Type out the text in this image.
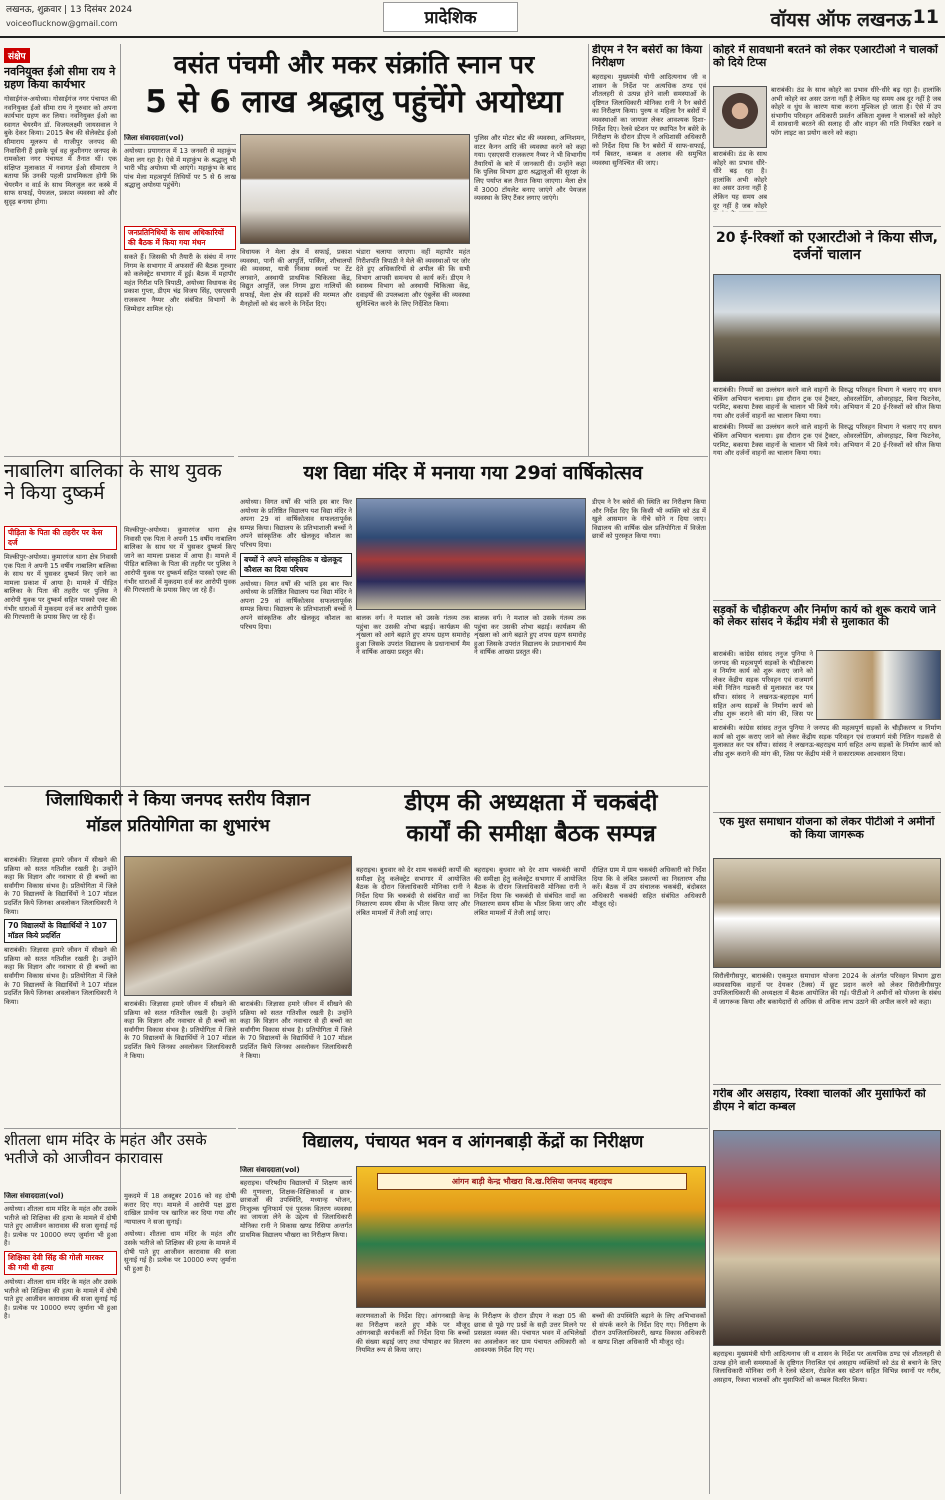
लखनऊ, शुक्रवार | 13 दिसंबर 2024
voiceoflucknow@gmail.com	प्रादेशिक	वॉयस ऑफ लखनऊ 11
संक्षेप
नवनियुक्त ईओ सीमा राय ने ग्रहण किया कार्यभार
गोसाईगंज-अयोध्या। गोसाईगंज नगर पंचायत की नवनियुक्त ईओ सीमा राय ने गुरुवार को अपना कार्यभार ग्रहण कर लिया। नवनियुक्त ईओ का स्वागत चेयरमैन डॉ. विजयलक्ष्मी जायसवाल ने बुके देकर किया। 2015 बैच की सेलेक्टेड ईओ सीमाराय मूलरूप से गाजीपुर जनपद की निवासिनी हैं इसके पूर्व वह कुशीनगर जनपद के रामकोला नगर पंचायत में तैनात थीं। एक संक्षिप्त मुलाकात में नवागत ईओ सीमाराय ने बताया कि उनकी पहली प्राथमिकता होगी कि चेयरमैन व वार्ड के साथ मिलजुल कर कस्बे में साफ सफाई, पेयजल, प्रकाश व्यवस्था को और सुदृढ़ बनाया होगा।
नाबालिग बालिका के साथ युवक ने किया दुष्कर्म
पीड़िता के पिता की तहरीर पर केस दर्ज
मिल्कीपुर-अयोध्या। कुमारगंज थाना क्षेत्र निवासी एक पिता ने अपनी 15 वर्षीय नाबालिग बालिका के साथ घर में घुसकर दुष्कर्म किए जाने का मामला प्रकाश में आया है। मामले में पीड़ित बालिका के पिता की तहरीर पर पुलिस ने आरोपी युवक पर दुष्कर्म सहित पास्को एक्ट की गंभीर धाराओं में मुकदमा दर्ज कर आरोपी युवक की गिरफ्तारी के प्रयास किए जा रहे हैं।
मिल्कीपुर-अयोध्या। कुमारगंज थाना क्षेत्र निवासी एक पिता ने अपनी 15 वर्षीय नाबालिग बालिका के साथ घर में घुसकर दुष्कर्म किए जाने का मामला प्रकाश में आया है। मामले में पीड़ित बालिका के पिता की तहरीर पर पुलिस ने आरोपी युवक पर दुष्कर्म सहित पास्को एक्ट की गंभीर धाराओं में मुकदमा दर्ज कर आरोपी युवक की गिरफ्तारी के प्रयास किए जा रहे हैं।
शीतला धाम मंदिर के महंत और उसके भतीजे को आजीवन कारावास
जिला संवाददाता(vol)
अयोध्या। शीतला धाम मंदिर के महंत और उसके भतीजे को शिक्षिका की हत्या के मामले में दोषी पाते हुए आजीवन कारावास की सजा सुनाई गई है। प्रत्येक पर 10000 रुपए जुर्माना भी हुआ है।
शिक्षिका देवी सिंह की गोली मारकर की गयी थी हत्या
अयोध्या। शीतला धाम मंदिर के महंत और उसके भतीजे को शिक्षिका की हत्या के मामले में दोषी पाते हुए आजीवन कारावास की सजा सुनाई गई है। प्रत्येक पर 10000 रुपए जुर्माना भी हुआ है।
मुकदमे में 18 अक्टूबर 2016 को वह दोषी करार दिए गए। मामले में आरोपी पक्ष द्वारा दाखिल प्रार्थना पत्र खारिज कर दिया गया और न्यायालय ने सजा सुनाई।
अयोध्या। शीतला धाम मंदिर के महंत और उसके भतीजे को शिक्षिका की हत्या के मामले में दोषी पाते हुए आजीवन कारावास की सजा सुनाई गई है। प्रत्येक पर 10000 रुपए जुर्माना भी हुआ है।
वसंत पंचमी और मकर संक्रांति स्नान पर
5 से 6 लाख श्रद्धालु पहुंचेंगे अयोध्या
जिला संवाददाता(vol)
अयोध्या। प्रयागराज में 13 जनवरी से महाकुंभ मेला लग रहा है। ऐसे में महाकुंभ के श्रद्धालु भी भारी भीड़ अयोध्या भी आएंगे। महाकुंभ के बाद पांच मेला महत्वपूर्ण तिथियों पर 5 से 6 लाख श्रद्धालु अयोध्या पहुंचेंगे।
जनप्रतिनिधियों के साथ अधिकारियों की बैठक में किया गया मंथन
सकते हैं। जिसकी भी तैयारी के संबंध में नगर निगम के सभागार में अफसरों की बैठक गुरुवार को कलेक्ट्रेट सभागार में हुई। बैठक में महापौर महंत गिरीश पति त्रिपाठी, अयोध्या विधायक वेद प्रकाश गुप्ता, डीएम चंद्र विजय सिंह, एसएसपी राजकरण नैय्यर और संबंधित विभागों के जिम्मेदार शामिल रहे।
विधायक ने मेला क्षेत्र में सफाई, प्रकाश व्यवस्था, पानी की आपूर्ति, पार्किंग, शौचालयों की व्यवस्था, यात्री निवास स्थलों पर टेंट लगवाने, अस्थायी प्राथमिक चिकित्सा केंद्र, विद्युत आपूर्ति, जल निगम द्वारा नालियों की सफाई, मेला क्षेत्र की सड़कों की मरम्मत और मैनहोलों को बंद करने के निर्देश दिए।
भंडारा चलाया जाएगा। वहीं महापौर महंत गिरीशपति त्रिपाठी ने मेले की व्यवस्थाओं पर जोर देते हुए अधिकारियों से अपील की कि सभी विभाग आपसी समन्वय से कार्य करें। डीएम ने स्वास्थ्य विभाग को अस्थायी चिकित्सा केंद्र, दवाइयों की उपलब्धता और एंबुलेंस की व्यवस्था सुनिश्चित करने के लिए निर्देशित किया।
पुलिस और मोटर बोट की व्यवस्था, अग्निशमन, वाटर कैनन आदि की व्यवस्था करने को कहा गया। एसएसपी राजकरण नैय्यर ने भी विभागीय तैयारियों के बारे में जानकारी दी। उन्होंने कहा कि पुलिस विभाग द्वारा श्रद्धालुओं की सुरक्षा के लिए पर्याप्त बल तैनात किया जाएगा। मेला क्षेत्र में 3000 टॉयलेट बनाए जाएंगे और पेयजल व्यवस्था के लिए टैंकर लगाए जाएंगे।
डीएम ने रैन बसेरों का किया निरीक्षण
बहराइच। मुख्यमंत्री योगी आदित्यनाथ जी व शासन के निर्देश पर अत्यधिक ठण्ड एवं शीतलहरी से उत्पन्न होने वाली समस्याओं के दृष्टिगत जिलाधिकारी मोनिका रानी ने रैन बसेरों का निरीक्षण किया। पुरुष व महिला रैन बसेरों में व्यवस्थाओं का जायजा लेकर आवश्यक दिशा-निर्देश दिए। रेलवे स्टेशन पर स्थापित रैन बसेरे के निरीक्षण के दौरान डीएम ने अधिशासी अधिकारी को निर्देश दिया कि रैन बसेरों में साफ-सफाई, गर्म बिस्तर, कम्बल व अलाव की समुचित व्यवस्था सुनिश्चित की जाए।
यश विद्या मंदिर में मनाया गया 29वां वार्षिकोत्सव
अयोध्या। विगत वर्षों की भांति इस बार फिर अयोध्या के प्रतिष्ठित विद्यालय यश विद्या मंदिर ने अपना 29 वां वार्षिकोत्सव सफलतापूर्वक सम्पन्न किया। विद्यालय के प्रतिभाशाली बच्चों ने अपने सांस्कृतिक और खेलकूद कौशल का परिचय दिया।
बच्चों ने अपने सांस्कृतिक व खेलकूद कौशल का दिया परिचय
अयोध्या। विगत वर्षों की भांति इस बार फिर अयोध्या के प्रतिष्ठित विद्यालय यश विद्या मंदिर ने अपना 29 वां वार्षिकोत्सव सफलतापूर्वक सम्पन्न किया। विद्यालय के प्रतिभाशाली बच्चों ने अपने सांस्कृतिक और खेलकूद कौशल का परिचय दिया।
बालक वर्ग। ने मशाल को उसके गंतव्य तक पहुंचा कर उसकी शोभा बढ़ाई। कार्यक्रम की शृंखला को आगे बढ़ाते हुए शपथ ग्रहण समारोह हुआ जिसके उपरांत विद्यालय के प्रधानाचार्य मैम ने वार्षिक आख्या प्रस्तुत की।
बालक वर्ग। ने मशाल को उसके गंतव्य तक पहुंचा कर उसकी शोभा बढ़ाई। कार्यक्रम की शृंखला को आगे बढ़ाते हुए शपथ ग्रहण समारोह हुआ जिसके उपरांत विद्यालय के प्रधानाचार्य मैम ने वार्षिक आख्या प्रस्तुत की।
डीएम ने रैन बसेरों की स्थिति का निरीक्षण किया और निर्देश दिए कि किसी भी व्यक्ति को ठंड में खुले आसमान के नीचे सोने न दिया जाए। विद्यालय की वार्षिक खेल प्रतियोगिता में विजेता छात्रों को पुरस्कृत किया गया।
जिलाधिकारी ने किया जनपद स्तरीय विज्ञान
मॉडल प्रतियोगिता का शुभारंभ
बाराबंकी। जिज्ञासा हमारे जीवन में सीखने की प्रक्रिया को सतत गतिशील रखती है। उन्होंने कहा कि विज्ञान और नवाचार से ही बच्चों का सर्वांगीण विकास संभव है। प्रतियोगिता में जिले के 70 विद्यालयों के विद्यार्थियों ने 107 मॉडल प्रदर्शित किये जिनका अवलोकन जिलाधिकारी ने किया।
70 विद्यालयों के विद्यार्थियों ने 107 मॉडल किये प्रदर्शित
बाराबंकी। जिज्ञासा हमारे जीवन में सीखने की प्रक्रिया को सतत गतिशील रखती है। उन्होंने कहा कि विज्ञान और नवाचार से ही बच्चों का सर्वांगीण विकास संभव है। प्रतियोगिता में जिले के 70 विद्यालयों के विद्यार्थियों ने 107 मॉडल प्रदर्शित किये जिनका अवलोकन जिलाधिकारी ने किया।	बाराबंकी। जिज्ञासा हमारे जीवन में सीखने की प्रक्रिया को सतत गतिशील रखती है। उन्होंने कहा कि विज्ञान और नवाचार से ही बच्चों का सर्वांगीण विकास संभव है। प्रतियोगिता में जिले के 70 विद्यालयों के विद्यार्थियों ने 107 मॉडल प्रदर्शित किये जिनका अवलोकन जिलाधिकारी ने किया।
बाराबंकी। जिज्ञासा हमारे जीवन में सीखने की प्रक्रिया को सतत गतिशील रखती है। उन्होंने कहा कि विज्ञान और नवाचार से ही बच्चों का सर्वांगीण विकास संभव है। प्रतियोगिता में जिले के 70 विद्यालयों के विद्यार्थियों ने 107 मॉडल प्रदर्शित किये जिनका अवलोकन जिलाधिकारी ने किया।
डीएम की अध्यक्षता में चकबंदी
कार्यों की समीक्षा बैठक सम्पन्न
बहराइच। बुधवार को देर शाम चकबंदी कार्यों की समीक्षा हेतु कलेक्ट्रेट सभागार में आयोजित बैठक के दौरान जिलाधिकारी मोनिका रानी ने निर्देश दिया कि चकबंदी से संबंधित वादों का निस्तारण समय सीमा के भीतर किया जाए और लंबित मामलों में तेजी लाई जाए।
बहराइच। बुधवार को देर शाम चकबंदी कार्यों की समीक्षा हेतु कलेक्ट्रेट सभागार में आयोजित बैठक के दौरान जिलाधिकारी मोनिका रानी ने निर्देश दिया कि चकबंदी से संबंधित वादों का निस्तारण समय सीमा के भीतर किया जाए और लंबित मामलों में तेजी लाई जाए।
दीक्षित ग्राम में ग्राम चकबंदी अधिकारी को निर्देश दिया कि वे लंबित प्रकरणों का निस्तारण शीघ्र करें। बैठक में उप संचालक चकबंदी, बंदोबस्त अधिकारी चकबंदी सहित संबंधित अधिकारी मौजूद रहे।
विद्यालय, पंचायत भवन व आंगनबाड़ी केंद्रों का निरीक्षण
जिला संवाददाता(vol)
बहराइच। परिषदीय विद्यालयों में शिक्षण कार्य की गुणवत्ता, शिक्षक-शिक्षिकाओं व छात्र-छात्राओं की उपस्थिति, मध्यान्ह भोजन, निःशुल्क यूनिफार्म एवं पुस्तक वितरण व्यवस्था का जायजा लेने के उद्देश्य से जिलाधिकारी मोनिका रानी ने विकास खण्ड रिसिया अन्तर्गत प्राथमिक विद्यालय भौखरा का निरीक्षण किया।
आंगन बाड़ी केन्द्र भौखरा वि.ख.रिसिया जनपद बहराइच
कारणवताओं के निर्देश दिए। आंगनबाड़ी केन्द्र का निरीक्षण करते हुए मौके पर मौजूद आंगनबाड़ी कार्यकर्ती को निर्देश दिया कि बच्चों की संख्या बढ़ाई जाए तथा पोषाहार का वितरण नियमित रूप से किया जाए।
के निरीक्षण के दौरान डीएम ने कक्षा 05 की छात्रा से पूछे गए प्रश्नों के सही उत्तर मिलने पर प्रसन्नता व्यक्त की। पंचायत भवन में अभिलेखों का अवलोकन कर ग्राम पंचायत अधिकारी को आवश्यक निर्देश दिए गए।
बच्चों की उपस्थिति बढ़ाने के लिए अभिभावकों से संपर्क करने के निर्देश दिए गए। निरीक्षण के दौरान उपजिलाधिकारी, खण्ड विकास अधिकारी व खण्ड शिक्षा अधिकारी भी मौजूद रहे।
कोहरे में सावधानी बरतने को लेकर एआरटीओ ने चालकों को दिये टिप्स
बाराबंकी। ठंड के साथ कोहरे का प्रभाव धीरे-धीरे बढ़ रहा है। हालांकि अभी कोहरे का असर उतना नहीं है लेकिन यह समय अब दूर नहीं है जब कोहरे व धुंध के कारण यात्रा करना मुश्किल हो जाता है। ऐसे में उप संभागीय परिवहन अधिकारी प्रवर्तन अंकिता शुक्ला ने चालकों को कोहरे में सावधानी बरतने की सलाह दी और वाहन की गति नियंत्रित रखने व फॉग लाइट का प्रयोग करने को कहा।
बाराबंकी। ठंड के साथ कोहरे का प्रभाव धीरे-धीरे बढ़ रहा है। हालांकि अभी कोहरे का असर उतना नहीं है लेकिन यह समय अब दूर नहीं है जब कोहरे
20 ई-रिक्शों को एआरटीओ ने किया सीज, दर्जनों चालान
बाराबंकी। नियमों का उल्लंघन करने वाले वाहनों के विरुद्ध परिवहन विभाग ने चलाए गए सघन चेकिंग अभियान चलाया। इस दौरान ट्रक एवं ट्रैक्टर, ओवरलोडिंग, ओवरहाइट, बिना फिटनेस, परमिट, बकाया टैक्स वाहनों के चालान भी किये गये। अभियान में 20 ई-रिक्शों को सीज किया गया और दर्जनों वाहनों का चालान किया गया।
बाराबंकी। नियमों का उल्लंघन करने वाले वाहनों के विरुद्ध परिवहन विभाग ने चलाए गए सघन चेकिंग अभियान चलाया। इस दौरान ट्रक एवं ट्रैक्टर, ओवरलोडिंग, ओवरहाइट, बिना फिटनेस, परमिट, बकाया टैक्स वाहनों के चालान भी किये गये। अभियान में 20 ई-रिक्शों को सीज किया गया और दर्जनों वाहनों का चालान किया गया।
सड़कों के चौड़ीकरण और निर्माण कार्य को शुरू कराये जाने को लेकर सांसद ने केंद्रीय मंत्री से मुलाकात की
बाराबंकी। कांग्रेस सांसद तनुज पुनिया ने जनपद की महत्वपूर्ण सड़कों के चौड़ीकरण व निर्माण कार्य को शुरू कराए जाने को लेकर केंद्रीय सड़क परिवहन एवं राजमार्ग मंत्री नितिन गडकरी से मुलाकात कर पत्र सौंपा। सांसद ने लखनऊ-बहराइच मार्ग सहित अन्य सड़कों के निर्माण कार्य को शीघ्र शुरू कराने की मांग की, जिस पर
बाराबंकी। कांग्रेस सांसद तनुज पुनिया ने जनपद की महत्वपूर्ण सड़कों के चौड़ीकरण व निर्माण कार्य को शुरू कराए जाने को लेकर केंद्रीय सड़क परिवहन एवं राजमार्ग मंत्री नितिन गडकरी से मुलाकात कर पत्र सौंपा। सांसद ने लखनऊ-बहराइच मार्ग सहित अन्य सड़कों के निर्माण कार्य को शीघ्र शुरू कराने की मांग की, जिस पर केंद्रीय मंत्री ने सकारात्मक आश्वासन दिया।
एक मुश्त समाधान योजना को लेकर पीटीओ ने अमीनों को किया जागरूक
सिरौलीगौसपुर, बाराबंकी। एकमुश्त समाधान योजना 2024 के अंतर्गत परिवहन विभाग द्वारा व्यावसायिक वाहनों पर देयकर (टैक्स) में छूट प्रदान करने को लेकर सिरौलीगौसपुर उपजिलाधिकारी की अध्यक्षता में बैठक आयोजित की गई। पीटीओ ने अमीनों को योजना के संबंध में जागरूक किया और बकायेदारों से अधिक से अधिक लाभ उठाने की अपील करने को कहा।
गरीब और असहाय, रिक्शा चालकों और मुसाफिरों को डीएम ने बांटा कम्बल
बहराइच। मुख्यमंत्री योगी आदित्यनाथ जी व शासन के निर्देश पर अत्यधिक ठण्ड एवं शीतलहरी से उत्पन्न होने वाली समस्याओं के दृष्टिगत निराश्रित एवं असहाय व्यक्तियों को ठंड से बचाने के लिए जिलाधिकारी मोनिका रानी ने रेलवे स्टेशन, रोडवेज बस स्टेशन सहित विभिन्न स्थानों पर गरीब, असहाय, रिक्शा चालकों और मुसाफिरों को कम्बल वितरित किया।
